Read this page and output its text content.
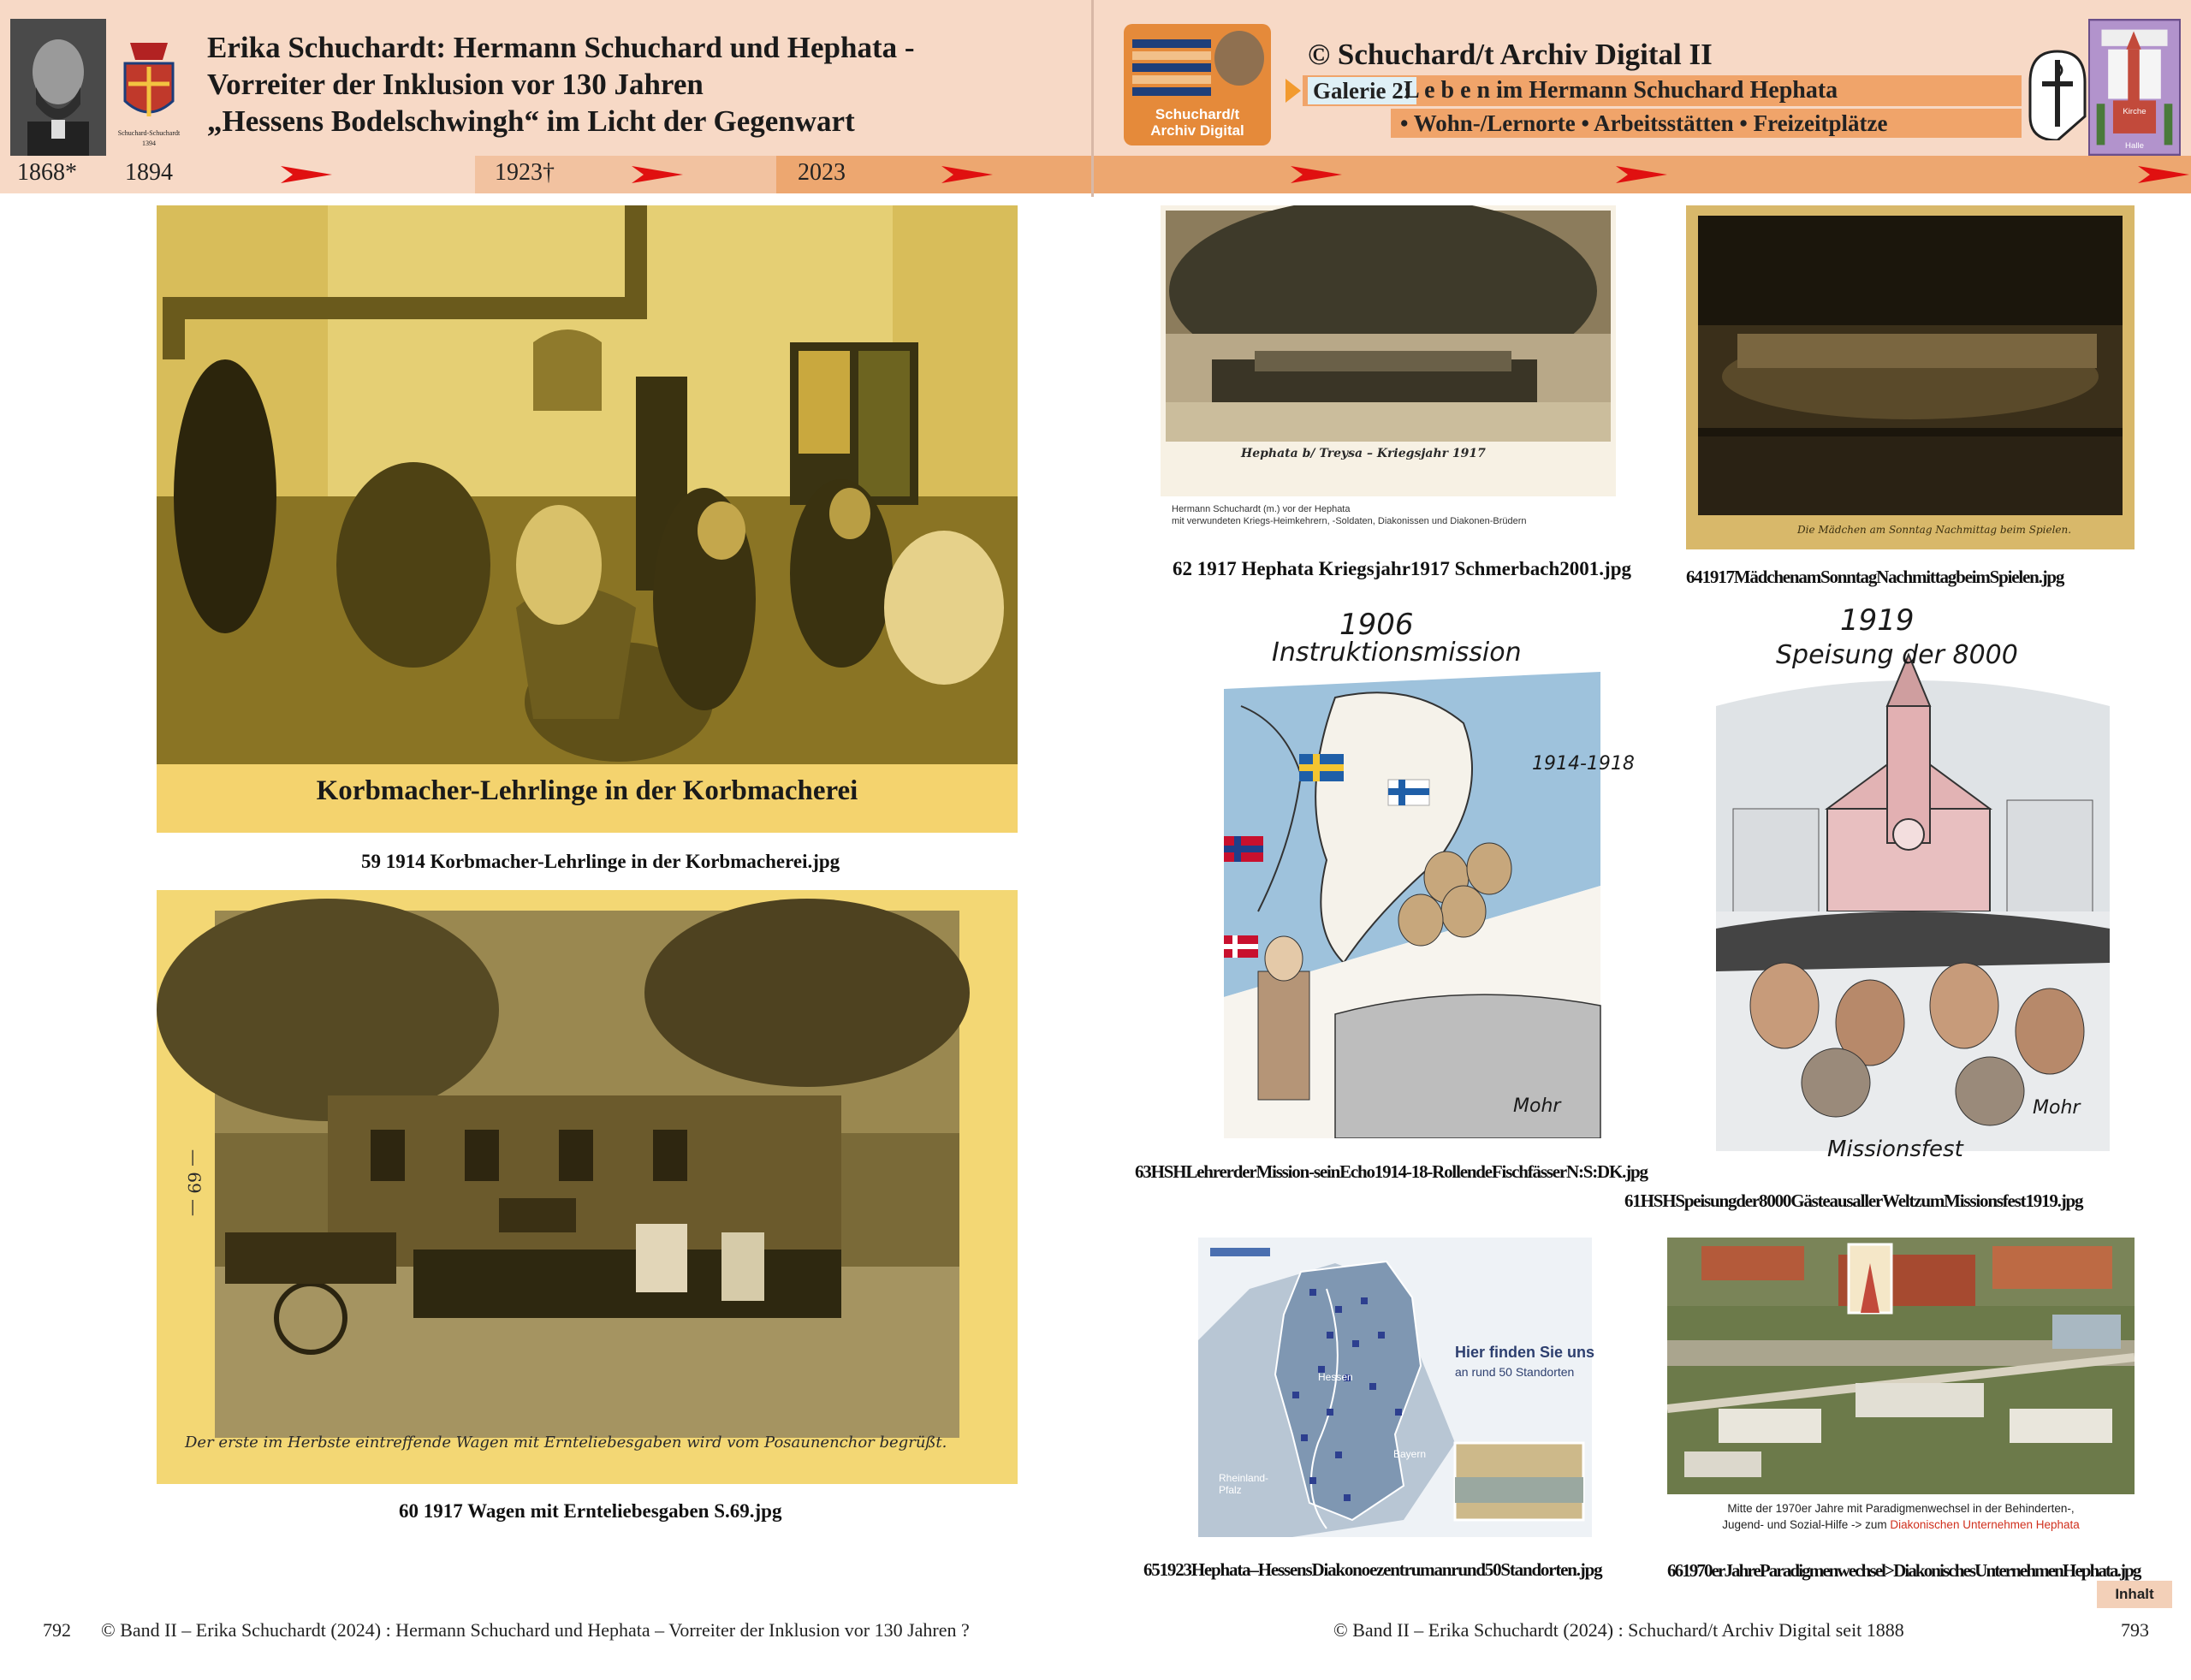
Schuchard-Schuchardt
1394
Erika Schuchardt: Hermann Schuchard und Hephata -
Vorreiter der Inklusion vor 130 Jahren
„Hessens Bodelschwingh“ im Licht der Gegenwart
1868* 1894	1923†	2023
Schuchard/t
Archiv Digital
© Schuchard/t Archiv Digital II
Galerie 2:
L e b e n im Hermann Schuchard Hephata
• Wohn-/Lernorte • Arbeitsstätten • Freizeitplätze	Kirche
Halle
Korbmacher-Lehrlinge in der Korbmacherei
59 1914 Korbmacher-Lehrlinge in der Korbmacherei.jpg
Der erste im Herbste eintreffende Wagen mit Ernteliebesgaben wird vom Posaunenchor begrüßt.
— 69 —
60 1917 Wagen mit Ernteliebesgaben S.69.jpg
Hephata b/ Treysa – Kriegsjahr 1917
Hermann Schuchardt (m.) vor der Hephata
mit verwundeten Kriegs-Heimkehrern, -Soldaten, Diakonissen und Diakonen-Brüdern
62 1917 Hephata Kriegsjahr1917 Schmerbach2001.jpg
Die Mädchen am Sonntag Nachmittag beim Spielen.
641917MädchenamSonntagNachmittagbeimSpielen.jpg
1906
Instruktionsmission
1914-1918
Mohr
63HSHLehrerderMission-seinEcho1914-18-RollendeFischfässerN:S:DK.jpg
1919
Speisung der 8000
Missionsfest
Mohr
61HSHSpeisungder8000GästeausallerWeltzumMissionsfest1919.jpg
Hier finden Sie uns
an rund 50 Standorten
Hessen
Bayern
Rheinland-
Pfalz
651923Hephata–HessensDiakonoezentrumanrund50Standorten.jpg
Mitte der 1970er Jahre mit Paradigmenwechsel in der Behinderten-,
Jugend- und Sozial-Hilfe -> zum Diakonischen Unternehmen Hephata
661970erJahreParadigmenwechsel>DiakonischesUnternehmenHephata.jpg
792 © Band II – Erika Schuchardt (2024) : Hermann Schuchard und Hephata – Vorreiter der Inklusion vor 130 Jahren ?	© Band II – Erika Schuchardt (2024) : Schuchard/t Archiv Digital seit 1888	793
Inhalt
